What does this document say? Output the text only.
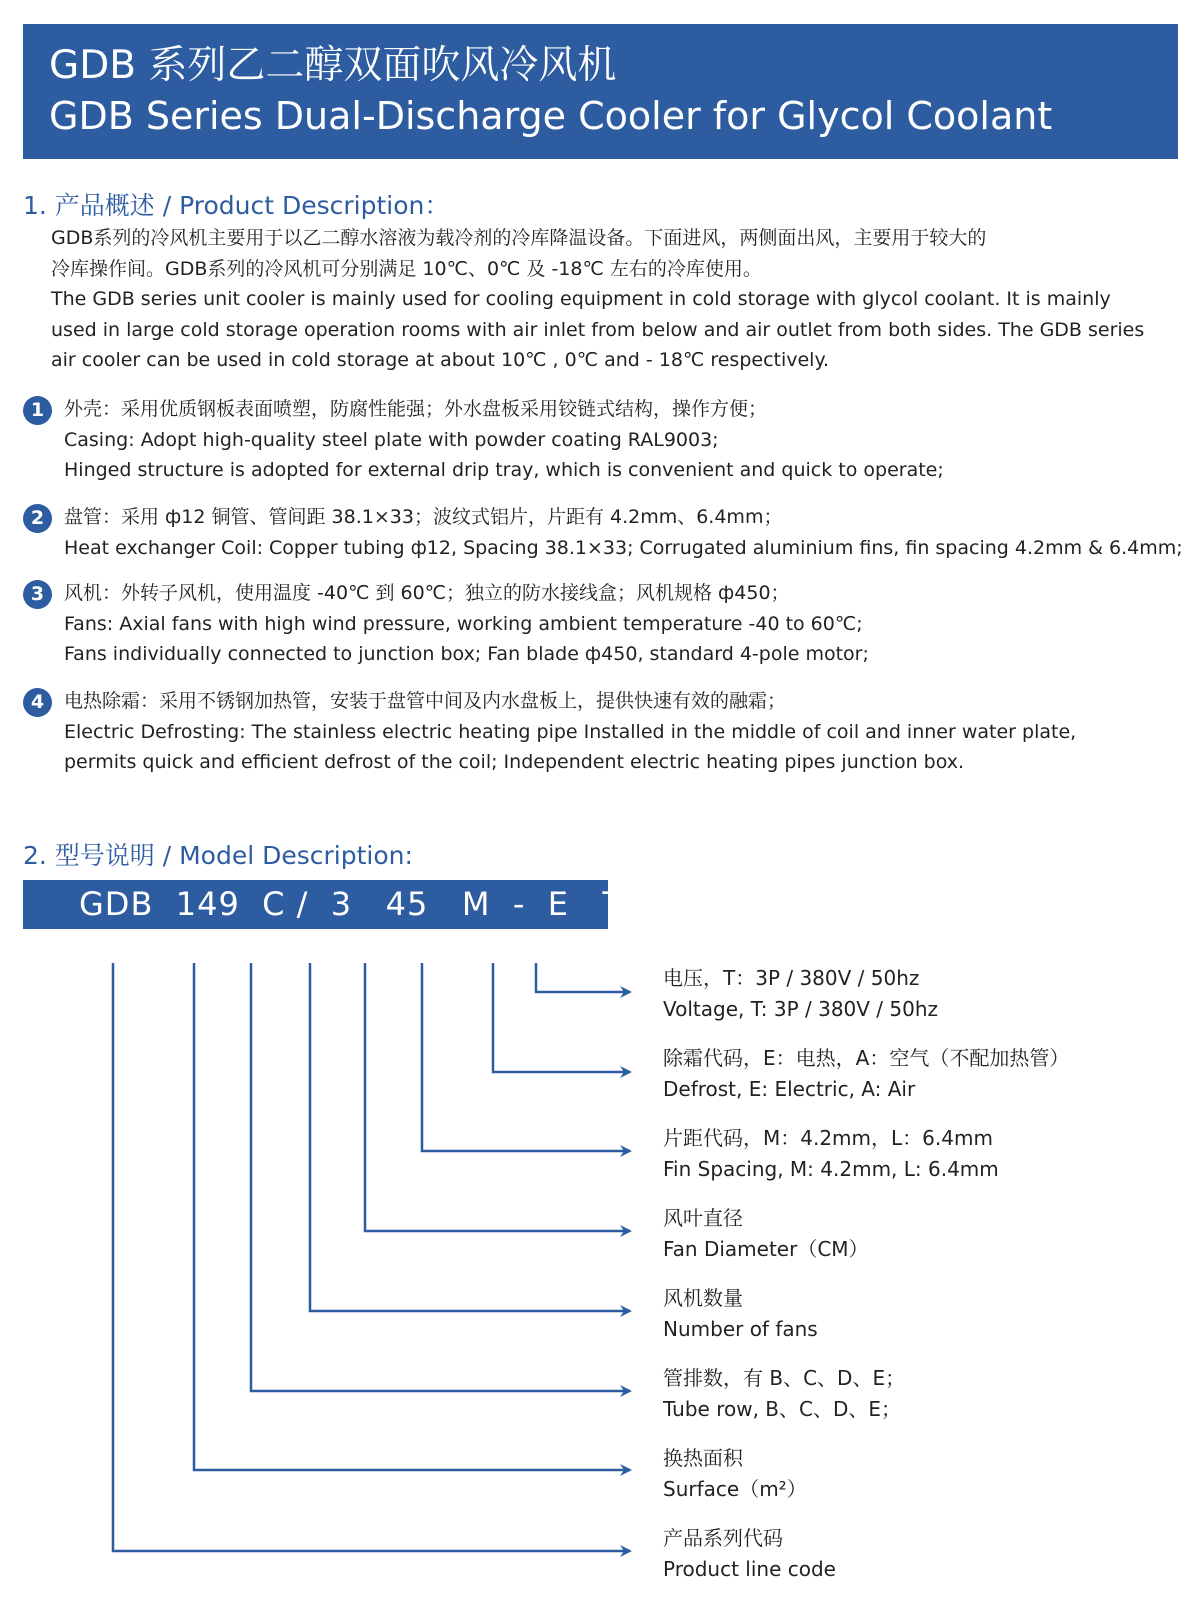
GDB 系列乙二醇双面吹风冷风机
GDB Series Dual-Discharge Cooler for Glycol Coolant
1. 产品概述 / Product Description：
GDB系列的冷风机主要用于以乙二醇水溶液为载冷剂的冷库降温设备。下面进风，两侧面出风，主要用于较大的
冷库操作间。GDB系列的冷风机可分别满足 10℃、0℃ 及 -18℃ 左右的冷库使用。
The GDB series unit cooler is mainly used for cooling equipment in cold storage with glycol coolant. It is mainly
used in large cold storage operation rooms with air inlet from below and air outlet from both sides. The GDB series
air cooler can be used in cold storage at about 10℃ , 0℃ and - 18℃ respectively.
1	外壳：采用优质钢板表面喷塑，防腐性能强；外水盘板采用铰链式结构，操作方便；
Casing: Adopt high-quality steel plate with powder coating RAL9003;
Hinged structure is adopted for external drip tray, which is convenient and quick to operate;
2	盘管：采用 ф12 铜管、管间距 38.1×33；波纹式铝片，片距有 4.2mm、6.4mm；
Heat exchanger Coil: Copper tubing ф12, Spacing 38.1×33; Corrugated aluminium fins, fin spacing 4.2mm & 6.4mm;
3	风机：外转子风机，使用温度 -40℃ 到 60℃；独立的防水接线盒；风机规格 ф450；
Fans: Axial fans with high wind pressure, working ambient temperature -40 to 60℃;
Fans individually connected to junction box; Fan blade ф450, standard 4-pole motor;
4	电热除霜：采用不锈钢加热管，安装于盘管中间及内水盘板上，提供快速有效的融霜；
Electric Defrosting: The stainless electric heating pipe Installed in the middle of coil and inner water plate,
permits quick and efficient defrost of the coil; Independent electric heating pipes junction box.
2. 型号说明 / Model Description:
GDB  149  C /  3   45   M  -  E   T
电压，T：3P / 380V / 50hz
Voltage, T: 3P / 380V / 50hz
除霜代码，E：电热，A：空气（不配加热管）
Defrost, E: Electric, A: Air
片距代码，M：4.2mm，L：6.4mm
Fin Spacing, M: 4.2mm, L: 6.4mm
风叶直径
Fan Diameter（CM）
风机数量
Number of fans
管排数，有 B、C、D、E；
Tube row, B、C、D、E；
换热面积
Surface（m²）
产品系列代码
Product line code
